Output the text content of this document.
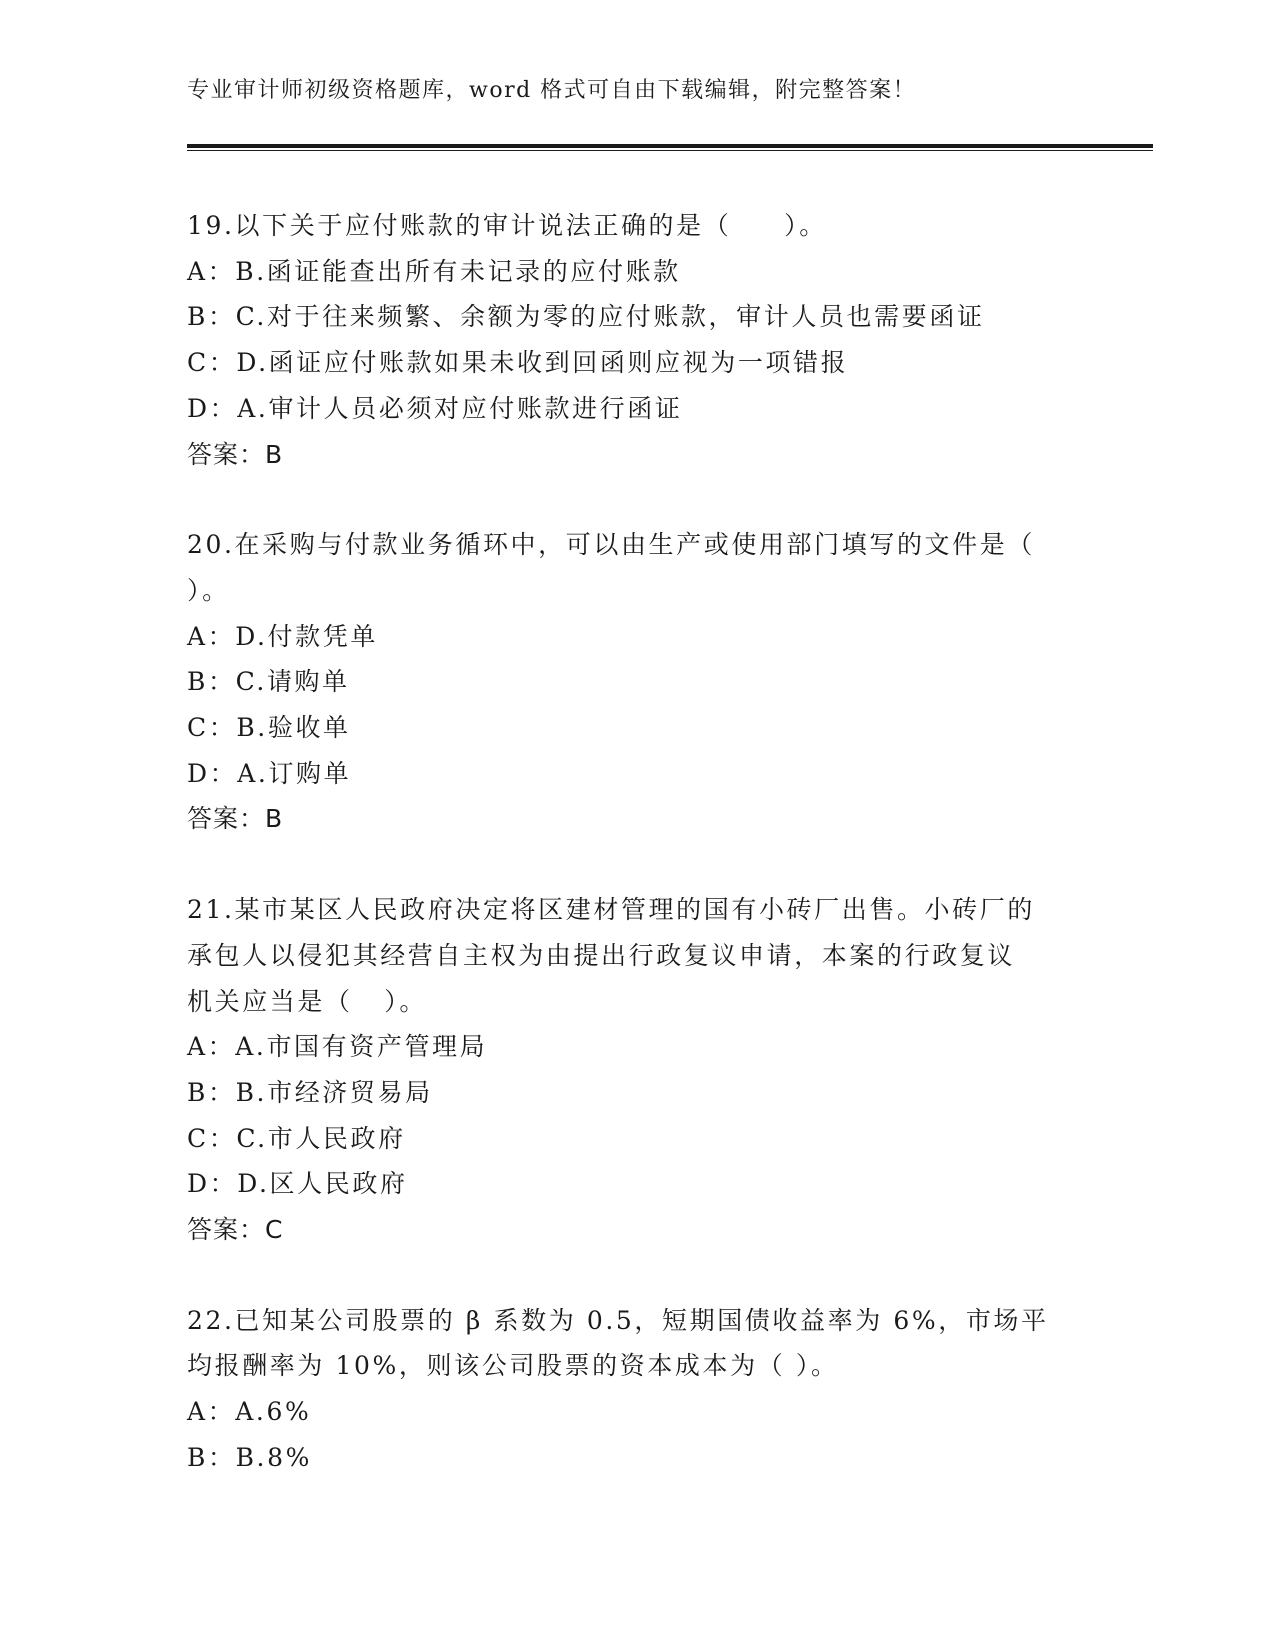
专业审计师初级资格题库，word 格式可自由下载编辑，附完整答案！

19.以下关于应付账款的审计说法正确的是（     ）。

A：B.函证能查出所有未记录的应付账款

B：C.对于往来频繁、余额为零的应付账款，审计人员也需要函证

C：D.函证应付账款如果未收到回函则应视为一项错报

D：A.审计人员必须对应付账款进行函证

答案：B

20.在采购与付款业务循环中，可以由生产或使用部门填写的文件是（

）。

A：D.付款凭单

B：C.请购单

C：B.验收单

D：A.订购单

答案：B

21.某市某区人民政府决定将区建材管理的国有小砖厂出售。小砖厂的

承包人以侵犯其经营自主权为由提出行政复议申请，本案的行政复议

机关应当是（   ）。

A：A.市国有资产管理局

B：B.市经济贸易局

C：C.市人民政府

D：D.区人民政府

答案：C

22.已知某公司股票的 β 系数为 0.5，短期国债收益率为 6%，市场平

均报酬率为 10%，则该公司股票的资本成本为（ ）。

A：A.6%

B：B.8%
